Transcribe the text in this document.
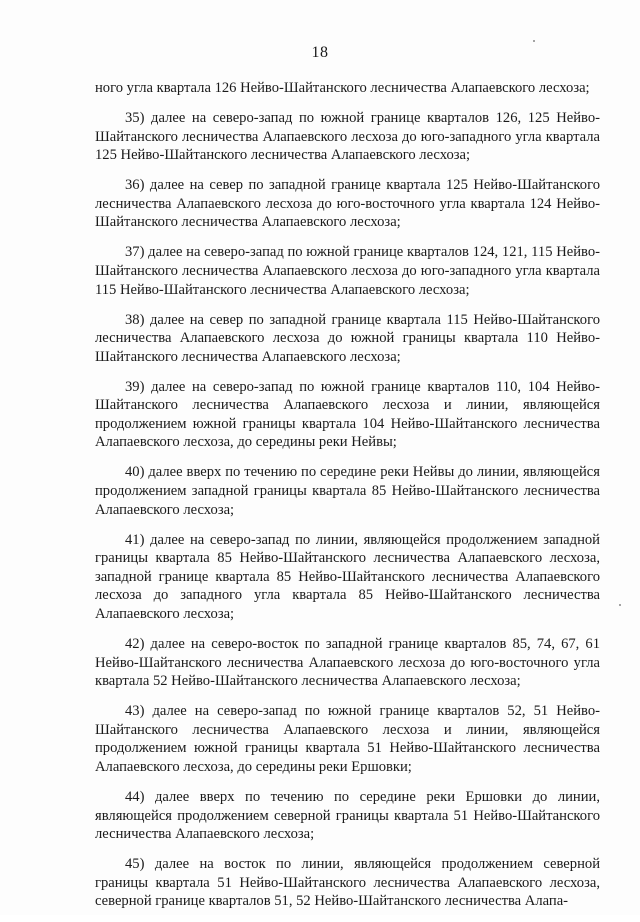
18

ного угла квартала 126 Нейво-Шайтанского лесничества Алапаевского лесхоза;

35) далее на северо-запад по южной границе кварталов 126, 125 Нейво-Шайтанского лесничества Алапаевского лесхоза до юго-западного угла квартала 125 Нейво-Шайтанского лесничества Алапаевского лесхоза;

36) далее на север по западной границе квартала 125 Нейво-Шайтанского лесничества Алапаевского лесхоза до юго-восточного угла квартала 124 Нейво-Шайтанского лесничества Алапаевского лесхоза;

37) далее на северо-запад по южной границе кварталов 124, 121, 115 Нейво-Шайтанского лесничества Алапаевского лесхоза до юго-западного угла квартала 115 Нейво-Шайтанского лесничества Алапаевского лесхоза;

38) далее на север по западной границе квартала 115 Нейво-Шайтанского лесничества Алапаевского лесхоза до южной границы квартала 110 Нейво-Шайтанского лесничества Алапаевского лесхоза;

39) далее на северо-запад по южной границе кварталов 110, 104 Нейво-Шайтанского лесничества Алапаевского лесхоза и линии, являющейся продолжением южной границы квартала 104 Нейво-Шайтанского лесничества Алапаевского лесхоза, до середины реки Нейвы;

40) далее вверх по течению по середине реки Нейвы до линии, являющейся продолжением западной границы квартала 85 Нейво-Шайтанского лесничества Алапаевского лесхоза;

41) далее на северо-запад по линии, являющейся продолжением западной границы квартала 85 Нейво-Шайтанского лесничества Алапаевского лесхоза, западной границе квартала 85 Нейво-Шайтанского лесничества Алапаевского лесхоза до западного угла квартала 85 Нейво-Шайтанского лесничества Алапаевского лесхоза;

42) далее на северо-восток по западной границе кварталов 85, 74, 67, 61 Нейво-Шайтанского лесничества Алапаевского лесхоза до юго-восточного угла квартала 52 Нейво-Шайтанского лесничества Алапаевского лесхоза;

43) далее на северо-запад по южной границе кварталов 52, 51 Нейво-Шайтанского лесничества Алапаевского лесхоза и линии, являющейся продолжением южной границы квартала 51 Нейво-Шайтанского лесничества Алапаевского лесхоза, до середины реки Ершовки;

44) далее вверх по течению по середине реки Ершовки до линии, являющейся продолжением северной границы квартала 51 Нейво-Шайтанского лесничества Алапаевского лесхоза;

45) далее на восток по линии, являющейся продолжением северной границы квартала 51 Нейво-Шайтанского лесничества Алапаевского лесхоза, северной границе кварталов 51, 52 Нейво-Шайтанского лесничества Алапа-
